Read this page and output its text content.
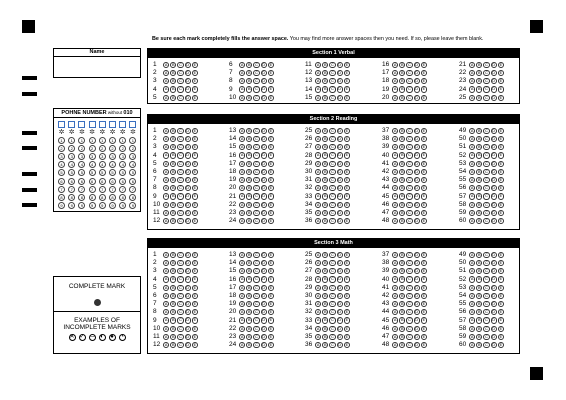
Be sure each mark completely fills the answer space. You may find more answer spaces then you need. If so, please leave them blank.
Name
POHNE NUMBER without 010
✲
1
2
3
4
5
6
7
8
9
✲
1
2
3
4
5
6
7
8
9
✲
1
2
3
4
5
6
7
8
9
✲
1
2
3
4
5
6
7
8
9
✲
1
2
3
4
5
6
7
8
9
✲
1
2
3
4
5
6
7
8
9
✲
1
2
3
4
5
6
7
8
9
✲
1
2
3
4
5
6
7
8
9
Section 1 Verbal
1 A B C D E
2 A B C D E
3 A B C D E
4 A B C D E
5 A B C D E
6 A B C D E
7 A B C D E
8 A B C D E
9 A B C D E
10 A B C D E
11 A B C D E
12 A B C D E
13 A B C D E
14 A B C D E
15 A B C D E
16 A B C D E
17 A B C D E
18 A B C D E
19 A B C D E
20 A B C D E
21 A B C D E
22 A B C D E
23 A B C D E
24 A B C D E
25 A B C D E
Section 2 Reading
1 A B C D E
2 A B C D E
3 A B C D E
4 A B C D E
5 A B C D E
6 A B C D E
7 A B C D E
8 A B C D E
9 A B C D E
10 A B C D E
11 A B C D E
12 A B C D E
13 A B C D E
14 A B C D E
15 A B C D E
16 A B C D E
17 A B C D E
18 A B C D E
19 A B C D E
20 A B C D E
21 A B C D E
22 A B C D E
23 A B C D E
24 A B C D E
25 A B C D E
26 A B C D E
27 A B C D E
28 A B C D E
29 A B C D E
30 A B C D E
31 A B C D E
32 A B C D E
33 A B C D E
34 A B C D E
35 A B C D E
36 A B C D E
37 A B C D E
38 A B C D E
39 A B C D E
40 A B C D E
41 A B C D E
42 A B C D E
43 A B C D E
44 A B C D E
45 A B C D E
46 A B C D E
47 A B C D E
48 A B C D E
49 A B C D E
50 A B C D E
51 A B C D E
52 A B C D E
53 A B C D E
54 A B C D E
55 A B C D E
56 A B C D E
57 A B C D E
58 A B C D E
59 A B C D E
60 A B C D E
Section 3 Math
1 A B C D E
2 A B C D E
3 A B C D E
4 A B C D E
5 A B C D E
6 A B C D E
7 A B C D E
8 A B C D E
9 A B C D E
10 A B C D E
11 A B C D E
12 A B C D E
13 A B C D E
14 A B C D E
15 A B C D E
16 A B C D E
17 A B C D E
18 A B C D E
19 A B C D E
20 A B C D E
21 A B C D E
22 A B C D E
23 A B C D E
24 A B C D E
25 A B C D E
26 A B C D E
27 A B C D E
28 A B C D E
29 A B C D E
30 A B C D E
31 A B C D E
32 A B C D E
33 A B C D E
34 A B C D E
35 A B C D E
36 A B C D E
37 A B C D E
38 A B C D E
39 A B C D E
40 A B C D E
41 A B C D E
42 A B C D E
43 A B C D E
44 A B C D E
45 A B C D E
46 A B C D E
47 A B C D E
48 A B C D E
49 A B C D E
50 A B C D E
51 A B C D E
52 A B C D E
53 A B C D E
54 A B C D E
55 A B C D E
56 A B C D E
57 A B C D E
58 A B C D E
59 A B C D E
60 A B C D E
COMPLETE MARK
EXAMPLES OF
INCOMPLETE MARKS
✕ ✓ — ◐ ● ◔
